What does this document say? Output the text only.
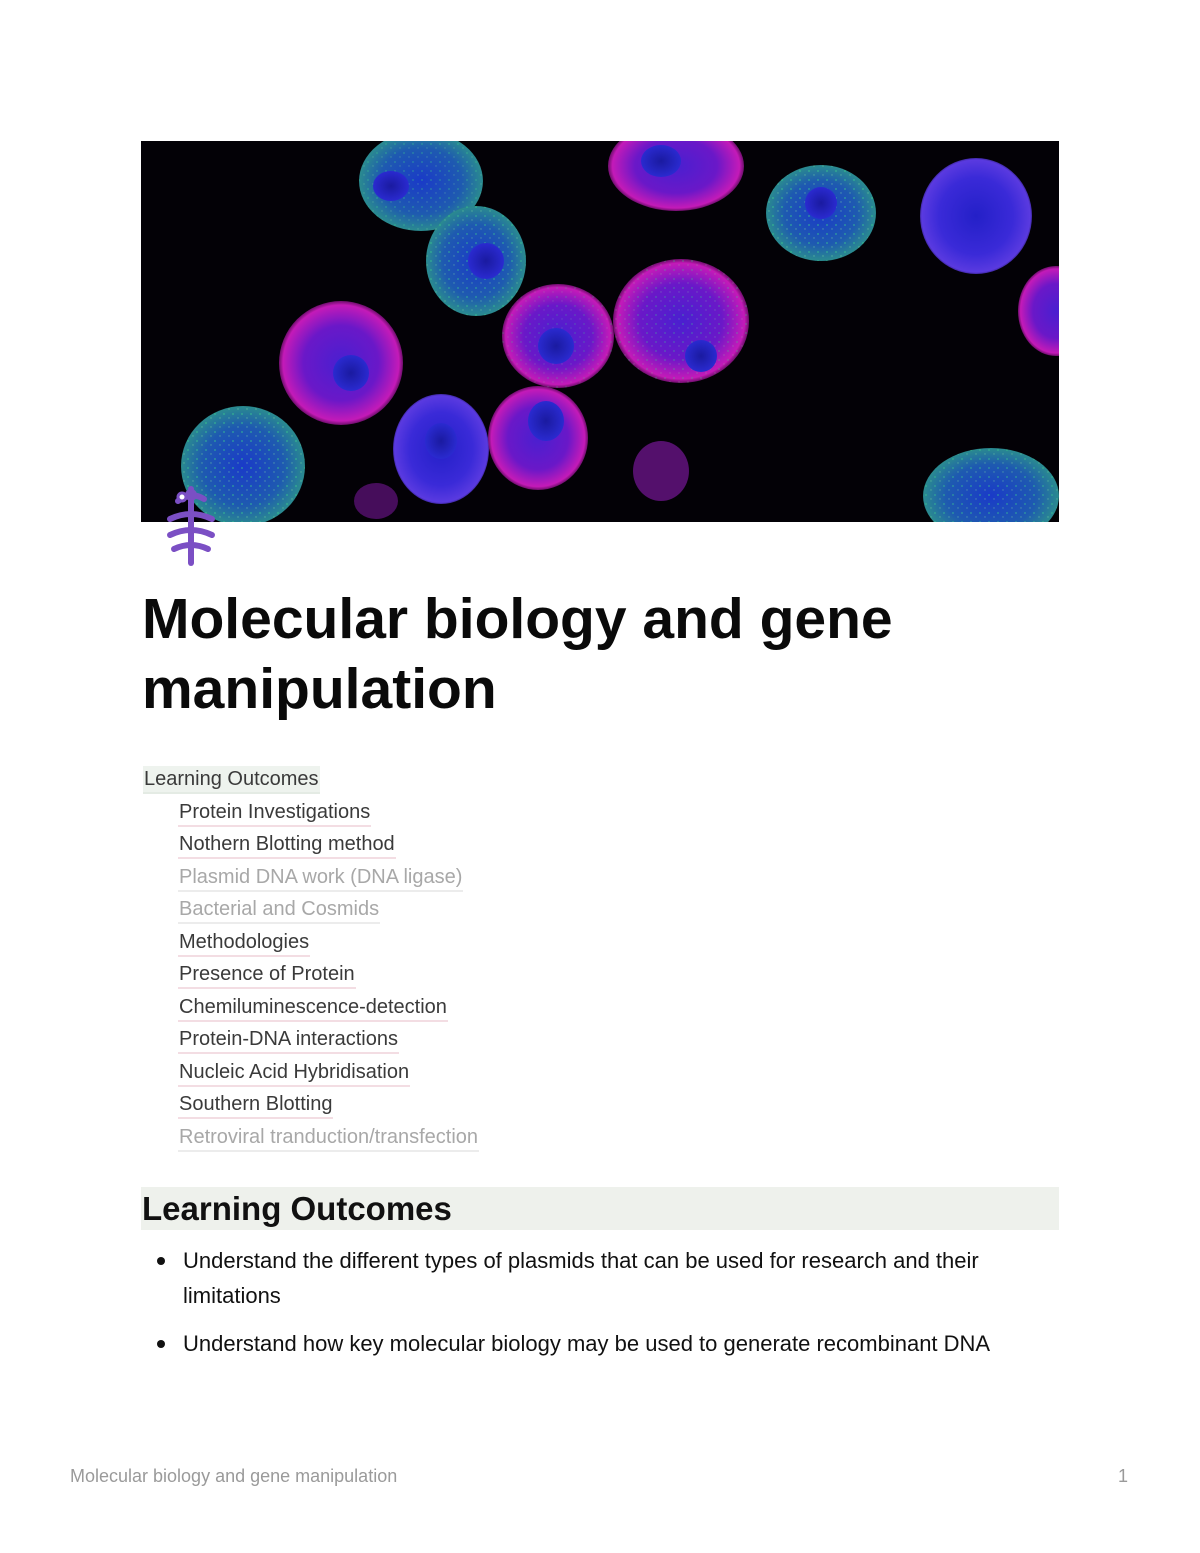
Molecular biology and gene
manipulation
Learning Outcomes
Protein Investigations
Nothern Blotting method
Plasmid DNA work (DNA ligase)
Bacterial and Cosmids
Methodologies
Presence of Protein
Chemiluminescence-detection
Protein-DNA interactions
Nucleic Acid Hybridisation
Southern Blotting
Retroviral tranduction/transfection
Learning Outcomes
Understand the different types of plasmids that can be used for research and their limitations
Understand how key molecular biology may be used to generate recombinant DNA
Molecular biology and gene manipulation	1
